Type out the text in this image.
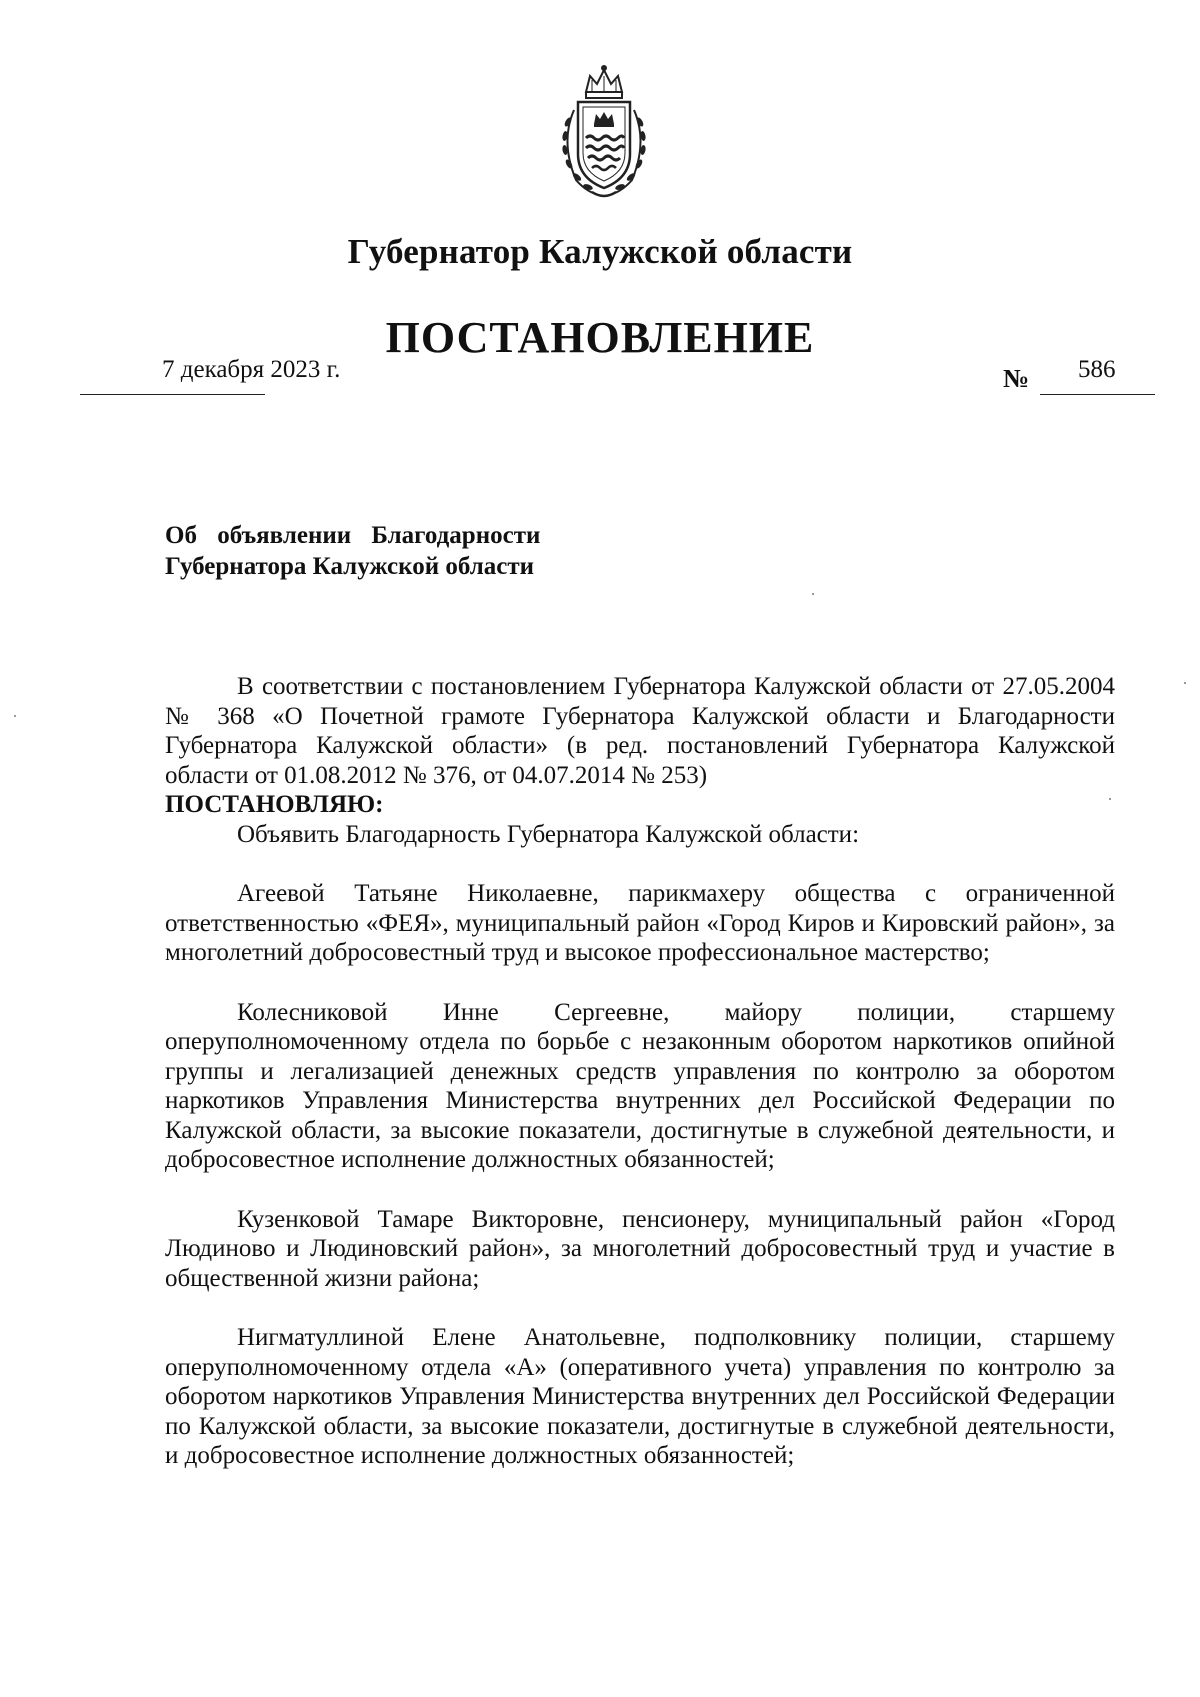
Губернатор Калужской области
ПОСТАНОВЛЕНИЕ
7 декабря 2023 г.	№ 586
Об объявлении Благодарности
Губернатора Калужской области

В соответствии с постановлением Губернатора Калужской области от 27.05.2004 № 368 «О Почетной грамоте Губернатора Калужской области и Благодарности Губернатора Калужской области» (в ред. постановлений Губернатора Калужской области от 01.08.2012 № 376, от 04.07.2014 № 253)
ПОСТАНОВЛЯЮ:

Объявить Благодарность Губернатора Калужской области:

Агеевой Татьяне Николаевне, парикмахеру общества с ограниченной ответственностью «ФЕЯ», муниципальный район «Город Киров и Кировский район», за многолетний добросовестный труд и высокое профессиональное мастерство;

Колесниковой Инне Сергеевне, майору полиции, старшему оперуполномоченному отдела по борьбе с незаконным оборотом наркотиков опийной группы и легализацией денежных средств управления по контролю за оборотом наркотиков Управления Министерства внутренних дел Российской Федерации по Калужской области, за высокие показатели, достигнутые в служебной деятельности, и добросовестное исполнение должностных обязанностей;

Кузенковой Тамаре Викторовне, пенсионеру, муниципальный район «Город Людиново и Людиновский район», за многолетний добросовестный труд и участие в общественной жизни района;

Нигматуллиной Елене Анатольевне, подполковнику полиции, старшему оперуполномоченному отдела «А» (оперативного учета) управления по контролю за оборотом наркотиков Управления Министерства внутренних дел Российской Федерации по Калужской области, за высокие показатели, достигнутые в служебной деятельности, и добросовестное исполнение должностных обязанностей;
